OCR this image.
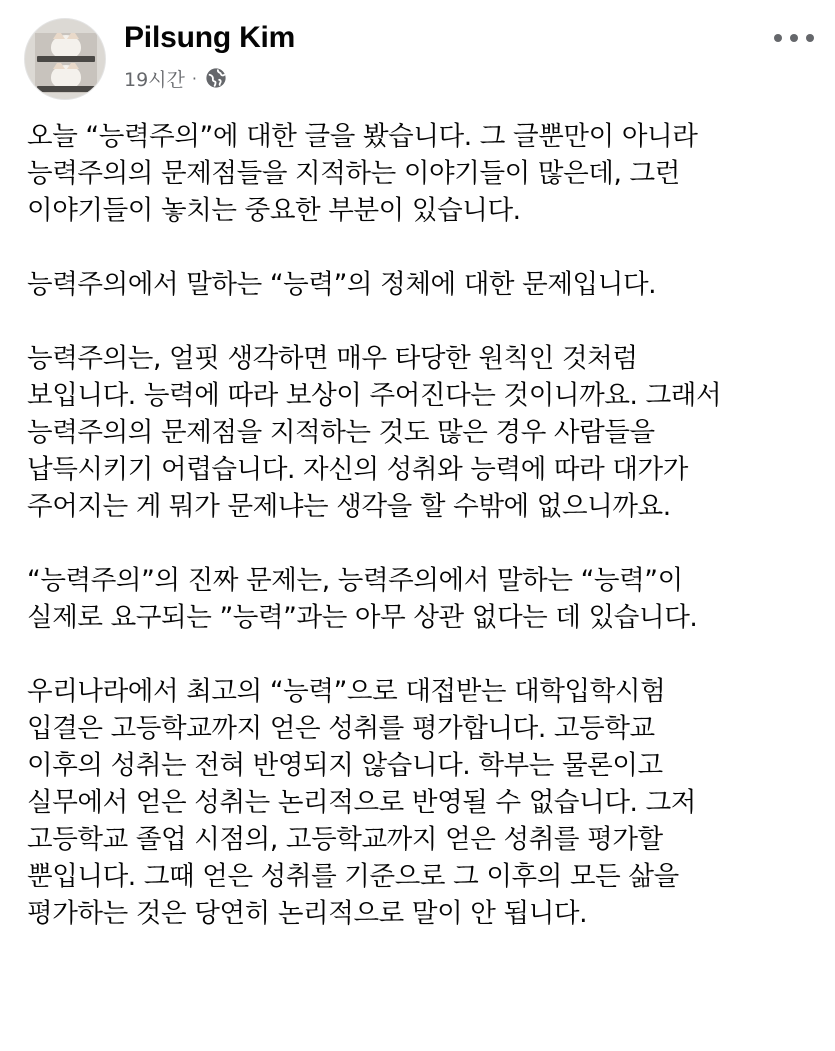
Pilsung Kim
19시간 ·
오늘 “능력주의”에 대한 글을 봤습니다. 그 글뿐만이 아니라
능력주의의 문제점들을 지적하는 이야기들이 많은데, 그런
이야기들이 놓치는 중요한 부분이 있습니다.
능력주의에서 말하는 “능력”의 정체에 대한 문제입니다.
능력주의는, 얼핏 생각하면 매우 타당한 원칙인 것처럼
보입니다. 능력에 따라 보상이 주어진다는 것이니까요. 그래서
능력주의의 문제점을 지적하는 것도 많은 경우 사람들을
납득시키기 어렵습니다. 자신의 성취와 능력에 따라 대가가
주어지는 게 뭐가 문제냐는 생각을 할 수밖에 없으니까요.
“능력주의”의 진짜 문제는, 능력주의에서 말하는 “능력”이
실제로 요구되는 ”능력”과는 아무 상관 없다는 데 있습니다.
우리나라에서 최고의 “능력”으로 대접받는 대학입학시험
입결은 고등학교까지 얻은 성취를 평가합니다. 고등학교
이후의 성취는 전혀 반영되지 않습니다. 학부는 물론이고
실무에서 얻은 성취는 논리적으로 반영될 수 없습니다. 그저
고등학교 졸업 시점의, 고등학교까지 얻은 성취를 평가할
뿐입니다. 그때 얻은 성취를 기준으로 그 이후의 모든 삶을
평가하는 것은 당연히 논리적으로 말이 안 됩니다.
